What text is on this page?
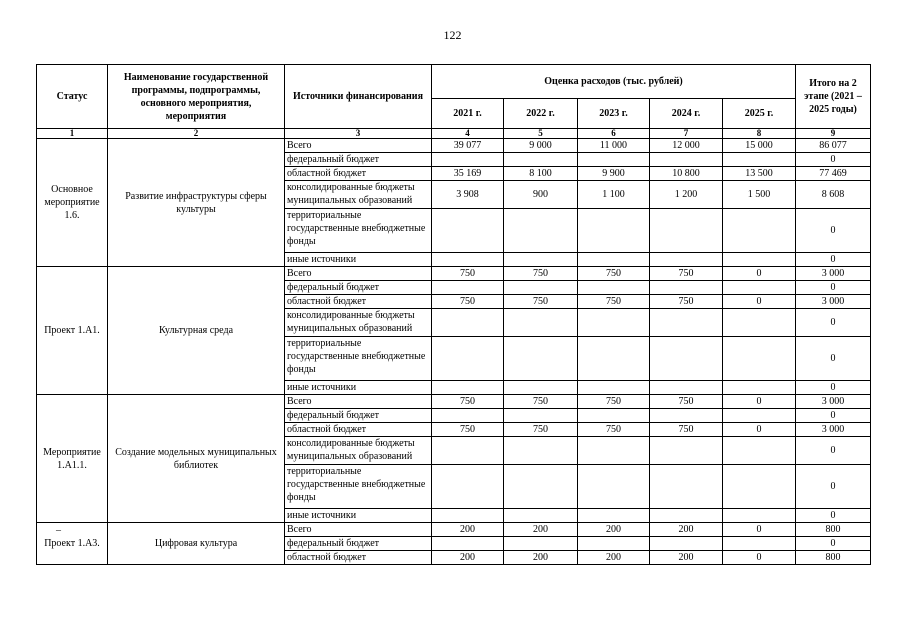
122
Статус	Наименование государственной программы, подпрограммы, основного мероприятия, мероприятия	Источники финансирования	Оценка расходов (тыс. рублей)					Итого на 2 этапе (2021 – 2025 годы)
			2021 г.	2022 г.	2023 г.	2024 г.	2025 г.	
1	2	3	4	5	6	7	8	9
Основное мероприятие 1.6.	Развитие инфраструктуры сферы культуры	Всего	39 077	9 000	11 000	12 000	15 000	86 077
		федеральный бюджет						0
		областной бюджет	35 169	8 100	9 900	10 800	13 500	77 469
		консолидированные бюджеты муниципальных образований	3 908	900	1 100	1 200	1 500	8 608
		территориальные государственные внебюджетные фонды						0
		иные источники						0
Проект 1.А1.	Культурная среда	Всего	750	750	750	750	0	3 000
		федеральный бюджет						0
		областной бюджет	750	750	750	750	0	3 000
		консолидированные бюджеты муниципальных образований						0
		территориальные государственные внебюджетные фонды						0
		иные источники						0
Мероприятие 1.А1.1.	Создание модельных муниципальных библиотек	Всего	750	750	750	750	0	3 000
		федеральный бюджет						0
		областной бюджет	750	750	750	750	0	3 000
		консолидированные бюджеты муниципальных образований						0
		территориальные государственные внебюджетные фонды						0
		иные источники						0
Проект 1.А3.	Цифровая культура	Всего	200	200	200	200	0	800
		федеральный бюджет						0
		областной бюджет	200	200	200	200	0	800
–
